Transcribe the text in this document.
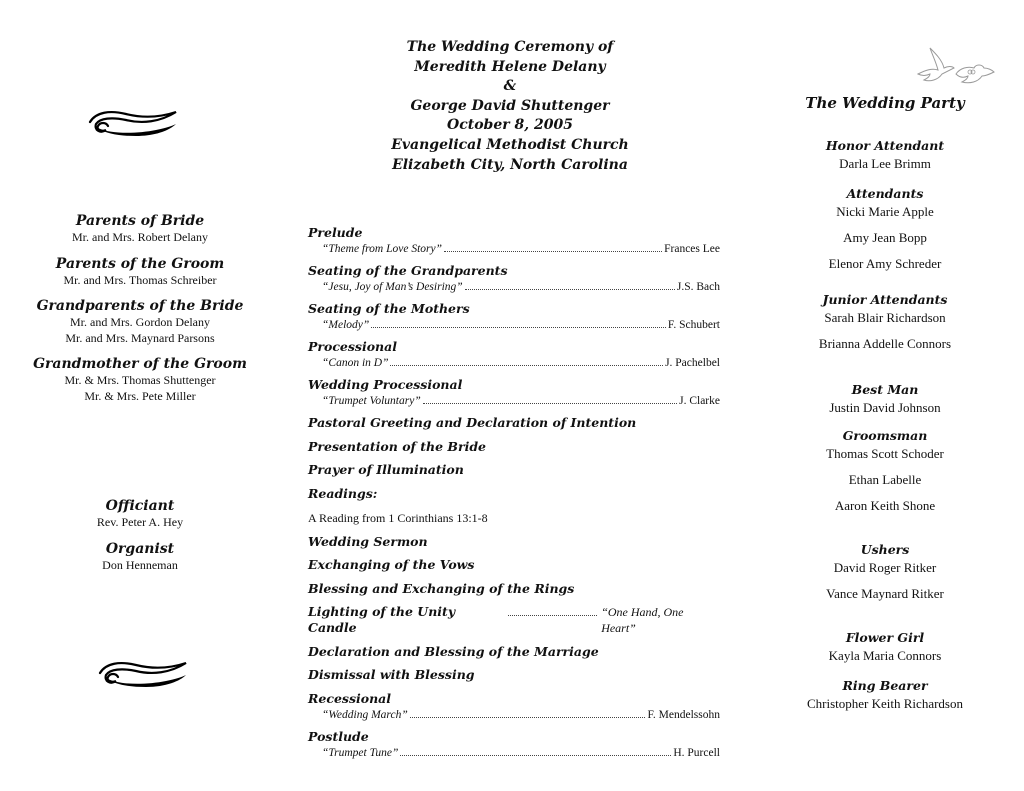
The Wedding Ceremony of
Meredith Helene Delany
&
George David Shuttenger
October 8, 2005
Evangelical Methodist Church
Elizabeth City, North Carolina
Parents of Bride
Mr. and Mrs. Robert Delany
Parents of the Groom
Mr. and Mrs. Thomas Schreiber
Grandparents of the Bride
Mr. and Mrs. Gordon Delany
Mr. and Mrs. Maynard Parsons
Grandmother of the Groom
Mr. & Mrs. Thomas Shuttenger
Mr. & Mrs. Pete Miller
Officiant
Rev. Peter A. Hey
Organist
Don Henneman
Prelude
“Theme from Love Story”	Frances Lee
Seating of the Grandparents
“Jesu, Joy of Man’s Desiring”	J.S. Bach
Seating of the Mothers
“Melody”	F. Schubert
Processional
“Canon in D”	J. Pachelbel
Wedding Processional
“Trumpet Voluntary”	J. Clarke
Pastoral Greeting and Declaration of Intention
Presentation of the Bride
Prayer of Illumination
Readings:
A Reading from 1 Corinthians 13:1-8
Wedding Sermon
Exchanging of the Vows
Blessing and Exchanging of the Rings
Lighting of the Unity Candle
“One Hand, One Heart”
Declaration and Blessing of the Marriage
Dismissal with Blessing
Recessional
“Wedding March”	F. Mendelssohn
Postlude
“Trumpet Tune”	H. Purcell
The Wedding Party
Honor Attendant
Darla Lee Brimm
Attendants
Nicki Marie Apple
Amy Jean Bopp
Elenor Amy Schreder
Junior Attendants
Sarah Blair Richardson
Brianna Addelle Connors
Best Man
Justin David Johnson
Groomsman
Thomas Scott Schoder
Ethan Labelle
Aaron Keith Shone
Ushers
David Roger Ritker
Vance Maynard Ritker
Flower Girl
Kayla Maria Connors
Ring Bearer
Christopher Keith Richardson
